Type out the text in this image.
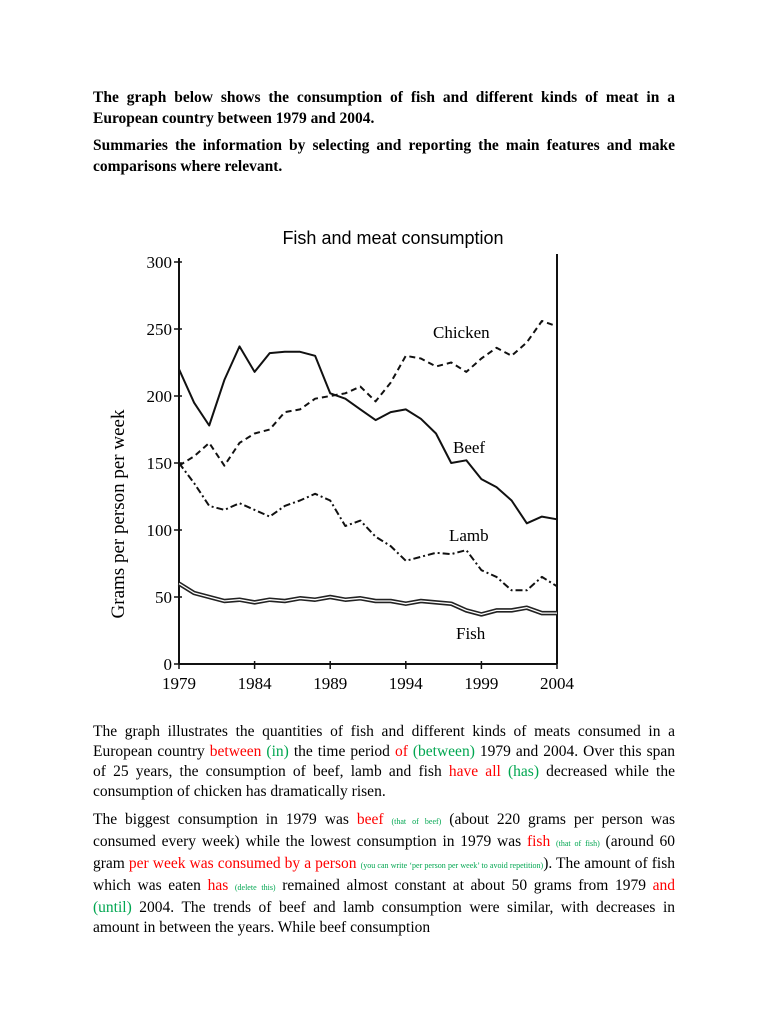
The graph below shows the consumption of fish and different kinds of meat in a European country between 1979 and 2004.

Summaries the information by selecting and reporting the main features and make comparisons where relevant.

Fish and meat consumption
Grams per person per week
0
50
100
150
200
250
300
1979 1984 1989 1994 1999 2004
Chicken
Beef
Lamb
Fish

The graph illustrates the quantities of fish and different kinds of meats consumed in a European country between (in) the time period of (between) 1979 and 2004. Over this span of 25 years, the consumption of beef, lamb and fish have all (has) decreased while the consumption of chicken has dramatically risen.

The biggest consumption in 1979 was beef (that of beef) (about 220 grams per person was consumed every week) while the lowest consumption in 1979 was fish (that of fish) (around 60 gram per week was consumed by a person (you can write ‘per person per week’ to avoid repetition)). The amount of fish which was eaten has (delete this) remained almost constant at about 50 grams from 1979 and (until) 2004. The trends of beef and lamb consumption were similar, with decreases in amount in between the years. While beef consumption
